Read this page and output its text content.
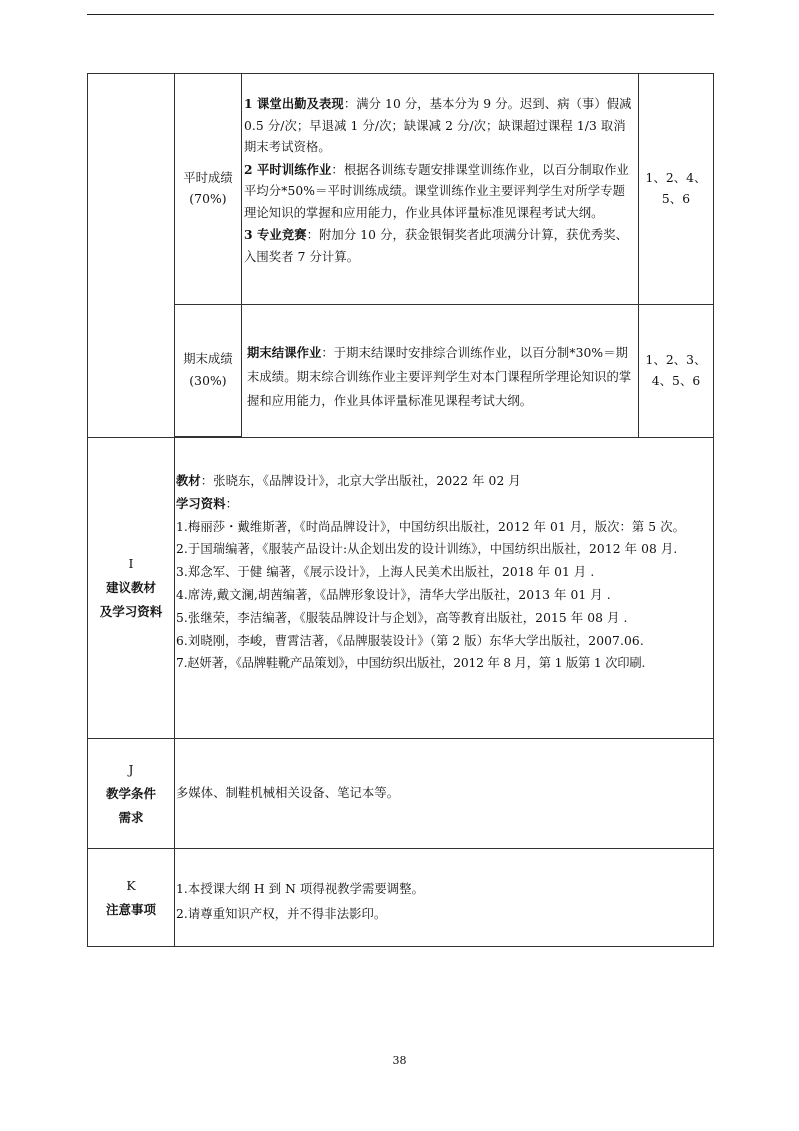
平时成绩
(70%)
1 课堂出勤及表现：满分 10 分，基本分为 9 分。迟到、病（事）假减 0.5 分/次；早退减 1 分/次；缺课减 2 分/次；缺课超过课程 1/3 取消期末考试资格。
2 平时训练作业：根据各训练专题安排课堂训练作业，以百分制取作业平均分*50%＝平时训练成绩。课堂训练作业主要评判学生对所学专题理论知识的掌握和应用能力，作业具体评量标准见课程考试大纲。
3 专业竞赛：附加分 10 分，获金银铜奖者此项满分计算，获优秀奖、入围奖者 7 分计算。
1、2、4、5、6
期末成绩
(30%)
期末结课作业：于期末结课时安排综合训练作业，以百分制*30%＝期末成绩。期末综合训练作业主要评判学生对本门课程所学理论知识的掌握和应用能力，作业具体评量标准见课程考试大纲。
1、2、3、4、5、6
I
建议教材
及学习资料
教材：张晓东，《品牌设计》，北京大学出版社，2022 年 02 月
学习资料：
1.梅丽莎・戴维斯著，《时尚品牌设计》，中国纺织出版社，2012 年 01 月，版次：第 5 次。
2.于国瑞编著，《服装产品设计:从企划出发的设计训练》，中国纺织出版社，2012 年 08 月.
3.郑念军、于健 编著，《展示设计》，上海人民美术出版社，2018 年 01 月 .
4.席涛,戴文澜,胡茜编著，《品牌形象设计》，清华大学出版社，2013 年 01 月 .
5.张继荣，李洁编著，《服装品牌设计与企划》，高等教育出版社，2015 年 08 月 .
6.刘晓刚，李峻，曹霄洁著，《品牌服装设计》（第 2 版）东华大学出版社，2007.06.
7.赵妍著，《品牌鞋靴产品策划》，中国纺织出版社，2012 年 8 月，第 1 版第 1 次印刷.
J
教学条件
需求
多媒体、制鞋机械相关设备、笔记本等。
K
注意事项
1.本授课大纲 H 到 N 项得视教学需要调整。
2.请尊重知识产权，并不得非法影印。
38
